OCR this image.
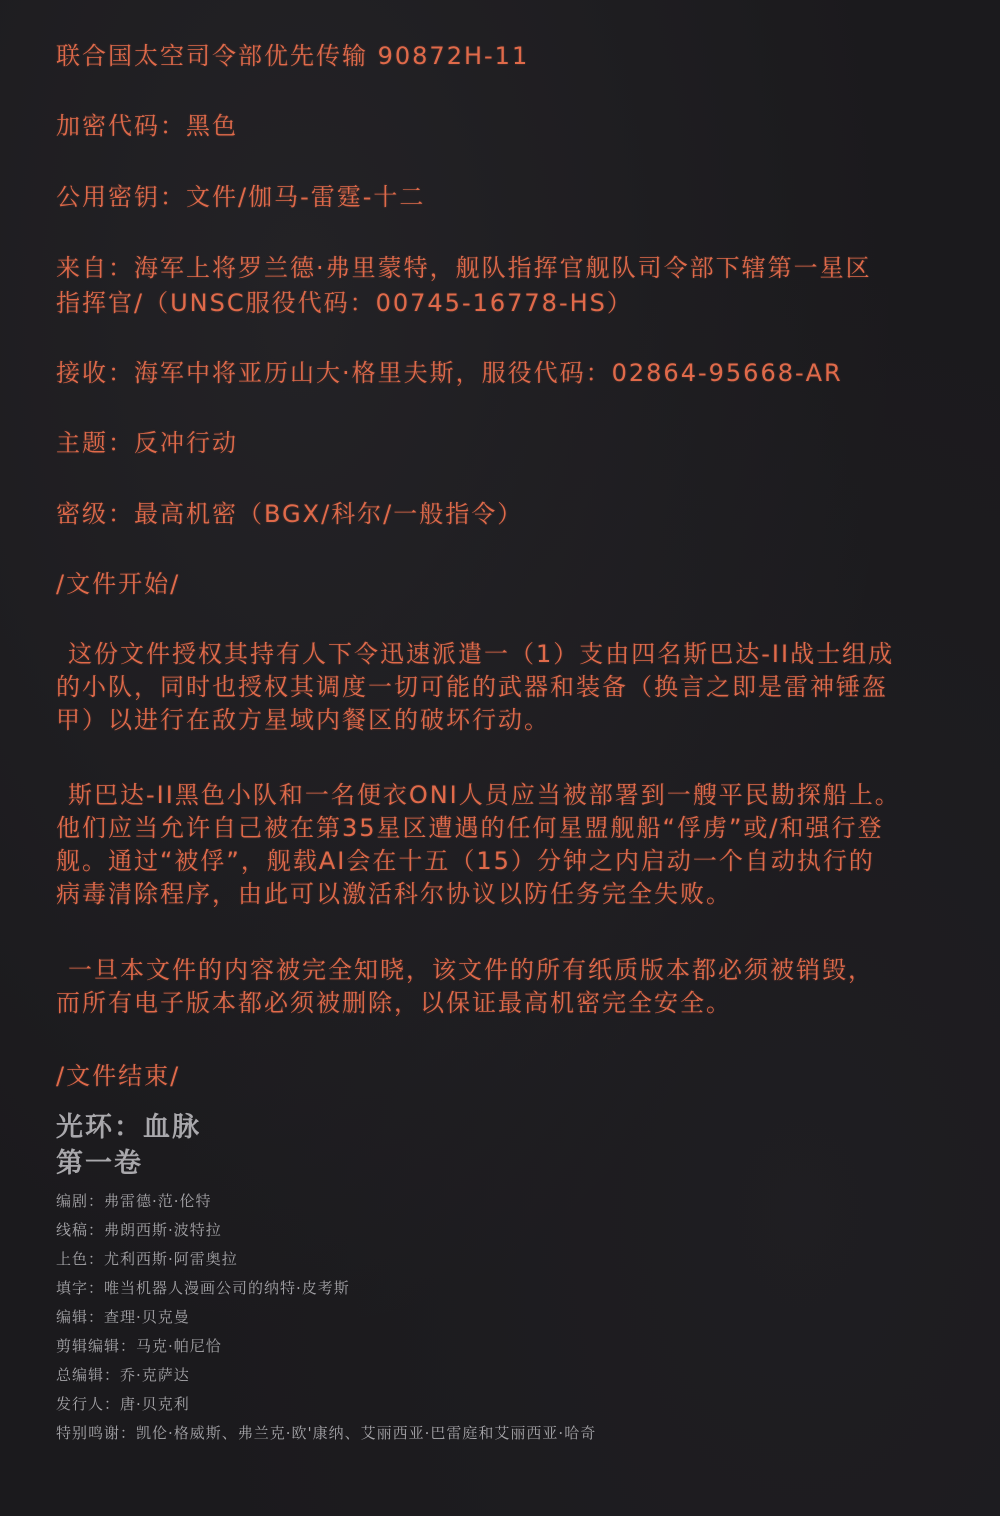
联合国太空司令部优先传输 90872H-11
加密代码：黑色
公用密钥：文件/伽马-雷霆-十二
来自：海军上将罗兰德·弗里蒙特，舰队指挥官舰队司令部下辖第一星区
指挥官/（UNSC服役代码：00745-16778-HS）
接收：海军中将亚历山大·格里夫斯，服役代码：02864-95668-AR
主题：反冲行动
密级：最高机密（BGX/科尔/一般指令）
/文件开始/
这份文件授权其持有人下令迅速派遣一（1）支由四名斯巴达-II战士组成
的小队，同时也授权其调度一切可能的武器和装备（换言之即是雷神锤盔
甲）以进行在敌方星域内餐区的破坏行动。
斯巴达-II黑色小队和一名便衣ONI人员应当被部署到一艘平民勘探船上。
他们应当允许自己被在第35星区遭遇的任何星盟舰船“俘虏”或/和强行登
舰。通过“被俘”，舰载AI会在十五（15）分钟之内启动一个自动执行的
病毒清除程序，由此可以激活科尔协议以防任务完全失败。
一旦本文件的内容被完全知晓，该文件的所有纸质版本都必须被销毁，
而所有电子版本都必须被删除，以保证最高机密完全安全。
/文件结束/
光环：血脉
第一卷
编剧：弗雷德·范·伦特
线稿：弗朗西斯·波特拉
上色：尤利西斯·阿雷奥拉
填字：唯当机器人漫画公司的纳特·皮考斯
编辑：查理·贝克曼
剪辑编辑：马克·帕尼恰
总编辑：乔·克萨达
发行人：唐·贝克利
特别鸣谢：凯伦·格威斯、弗兰克·欧'康纳、艾丽西亚·巴雷庭和艾丽西亚·哈奇
